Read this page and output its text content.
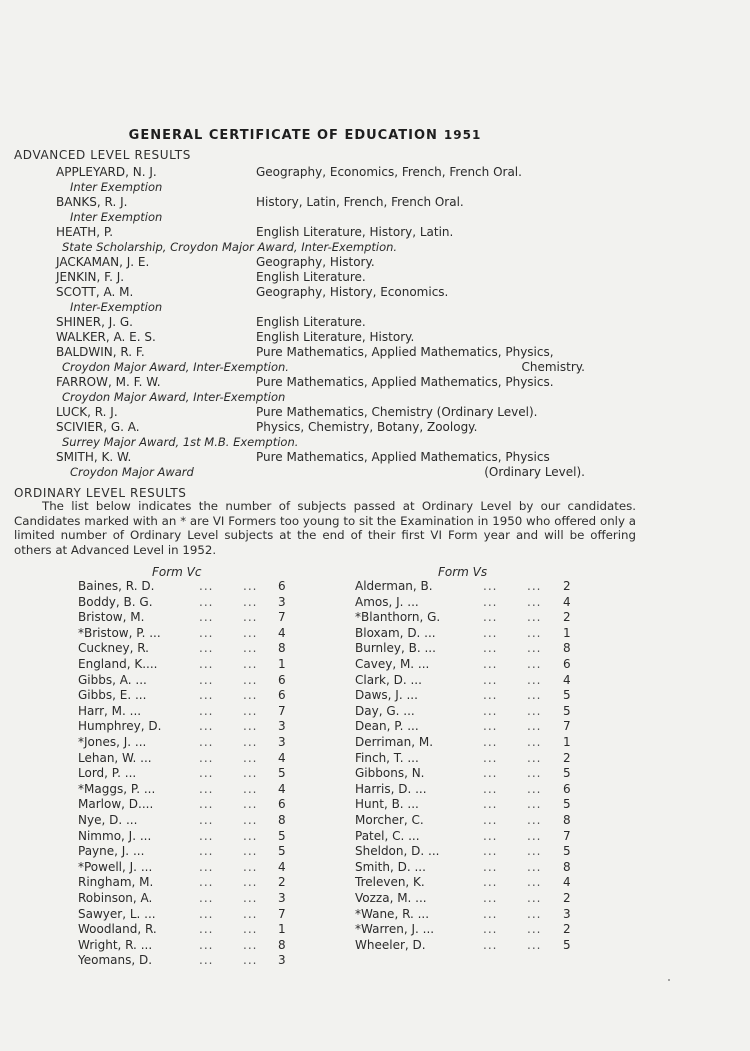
GENERAL CERTIFICATE OF EDUCATION 1951
ADVANCED LEVEL RESULTS
APPLEYARD, N. J.	Geography, Economics, French, French Oral.
Inter Exemption
BANKS, R. J.	History, Latin, French, French Oral.
Inter Exemption
HEATH, P.	English Literature, History, Latin.
State Scholarship, Croydon Major Award, Inter-Exemption.
JACKAMAN, J. E.	Geography, History.
JENKIN, F. J.	English Literature.
SCOTT, A. M.	Geography, History, Economics.
Inter-Exemption
SHINER, J. G.	English Literature.
WALKER, A. E. S.	English Literature, History.
BALDWIN, R. F.	Pure Mathematics, Applied Mathematics, Physics,
Croydon Major Award, Inter-Exemption.	Chemistry.
FARROW, M. F. W.	Pure Mathematics, Applied Mathematics, Physics.
Croydon Major Award, Inter-Exemption
LUCK, R. J.	Pure Mathematics, Chemistry (Ordinary Level).
SCIVIER, G. A.	Physics, Chemistry, Botany, Zoology.
Surrey Major Award, 1st M.B. Exemption.
SMITH, K. W.	Pure Mathematics, Applied Mathematics, Physics
Croydon Major Award	(Ordinary Level).
ORDINARY LEVEL RESULTS

The list below indicates the number of subjects passed at Ordinary Level by our candidates. Candidates marked with an * are VI Formers too young to sit the Examination in 1950 who offered only a limited number of Ordinary Level subjects at the end of their first VI Form year and will be offering others at Advanced Level in 1952.

Form Vc	Form Vs
Baines, R. D.	... ... 6
Boddy, B. G.	... ... 3
Bristow, M.	... ... 7
*Bristow, P. ...	... ... 4
Cuckney, R.	... ... 8
England, K....	... ... 1
Gibbs, A. ...	... ... 6
Gibbs, E. ...	... ... 6
Harr, M. ...	... ... 7
Humphrey, D.	... ... 3
*Jones, J. ...	... ... 3
Lehan, W. ...	... ... 4
Lord, P. ...	... ... 5
*Maggs, P. ...	... ... 4
Marlow, D....	... ... 6
Nye, D. ...	... ... 8
Nimmo, J. ...	... ... 5
Payne, J. ...	... ... 5
*Powell, J. ...	... ... 4
Ringham, M.	... ... 2
Robinson, A.	... ... 3
Sawyer, L. ...	... ... 7
Woodland, R.	... ... 1
Wright, R. ...	... ... 8
Yeomans, D.	... ... 3
Alderman, B.	... ... 2
Amos, J. ...	... ... 4
*Blanthorn, G.	... ... 2
Bloxam, D. ...	... ... 1
Burnley, B. ...	... ... 8
Cavey, M. ...	... ... 6
Clark, D. ...	... ... 4
Daws, J. ...	... ... 5
Day, G. ...	... ... 5
Dean, P. ...	... ... 7
Derriman, M.	... ... 1
Finch, T. ...	... ... 2
Gibbons, N.	... ... 5
Harris, D. ...	... ... 6
Hunt, B. ...	... ... 5
Morcher, C.	... ... 8
Patel, C. ...	... ... 7
Sheldon, D. ...	... ... 5
Smith, D. ...	... ... 8
Treleven, K.	... ... 4
Vozza, M. ...	... ... 2
*Wane, R. ...	... ... 3
*Warren, J. ...	... ... 2
Wheeler, D.	... ... 5
